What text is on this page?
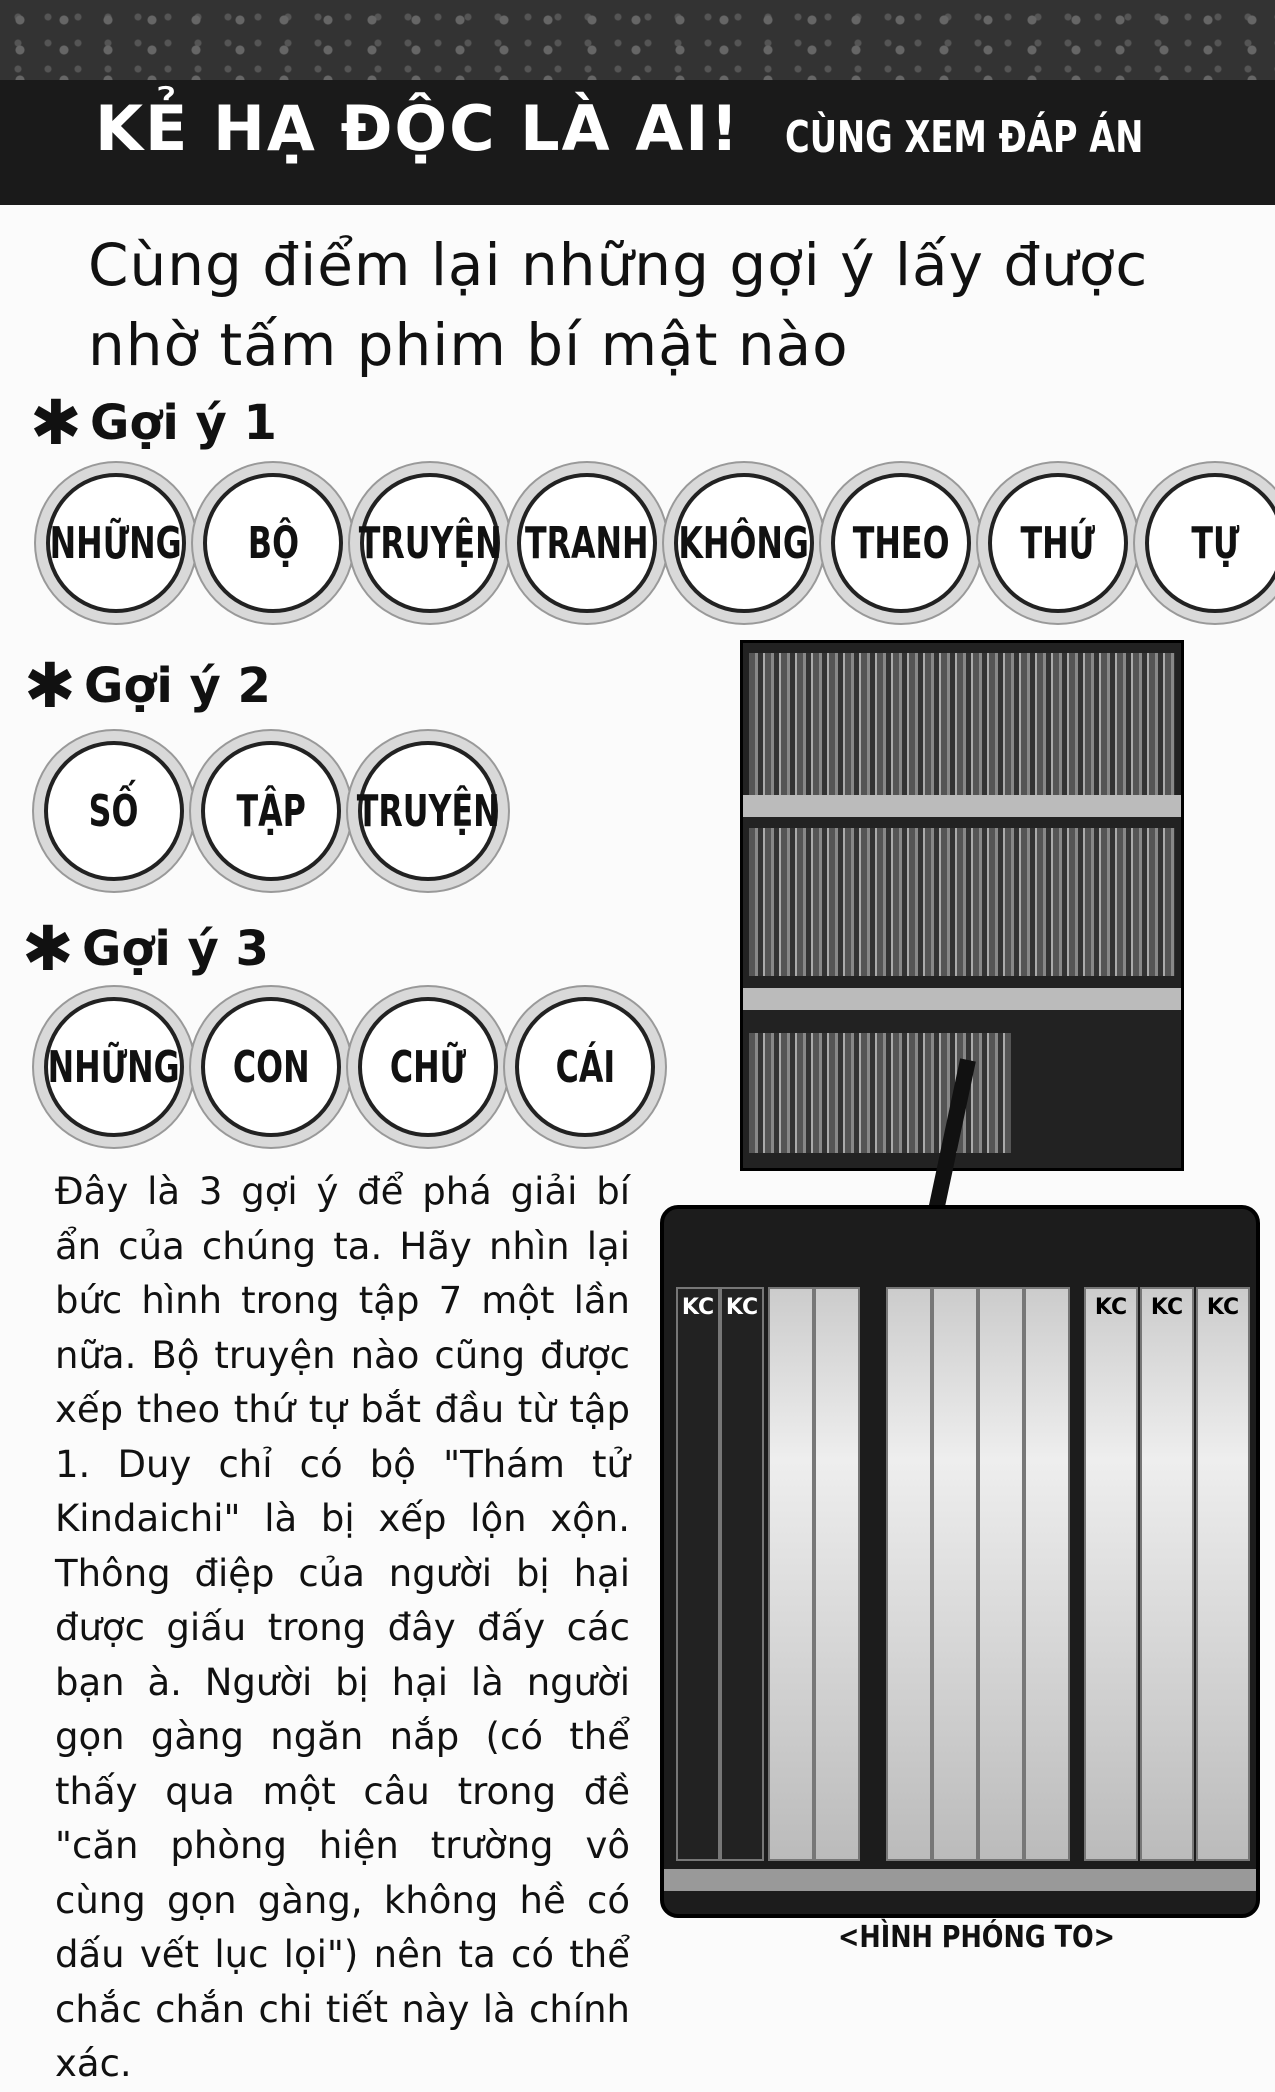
KẺ HẠ ĐỘC LÀ AI! CÙNG XEM ĐÁP ÁN
Cùng điểm lại những gợi ý lấy được nhờ tấm phim bí mật nào
✱ Gợi ý 1
NHỮNG BỘ TRUYỆN TRANH KHÔNG THEO THỨ TỰ
✱ Gợi ý 2
SỐ TẬP TRUYỆN
✱ Gợi ý 3
NHỮNG CON CHỮ CÁI
KC KC	KC	KC	KC
<HÌNH PHÓNG TO>
Đây là 3 gợi ý để phá giải bí ẩn của chúng ta. Hãy nhìn lại bức hình trong tập 7 một lần nữa. Bộ truyện nào cũng được xếp theo thứ tự bắt đầu từ tập 1. Duy chỉ có bộ "Thám tử Kindaichi" là bị xếp lộn xộn. Thông điệp của người bị hại được giấu trong đây đấy các bạn à. Người bị hại là người gọn gàng ngăn nắp (có thể thấy qua một câu trong đề "căn phòng hiện trường vô cùng gọn gàng, không hề có dấu vết lục lọi") nên ta có thể chắc chắn chi tiết này là chính xác.
